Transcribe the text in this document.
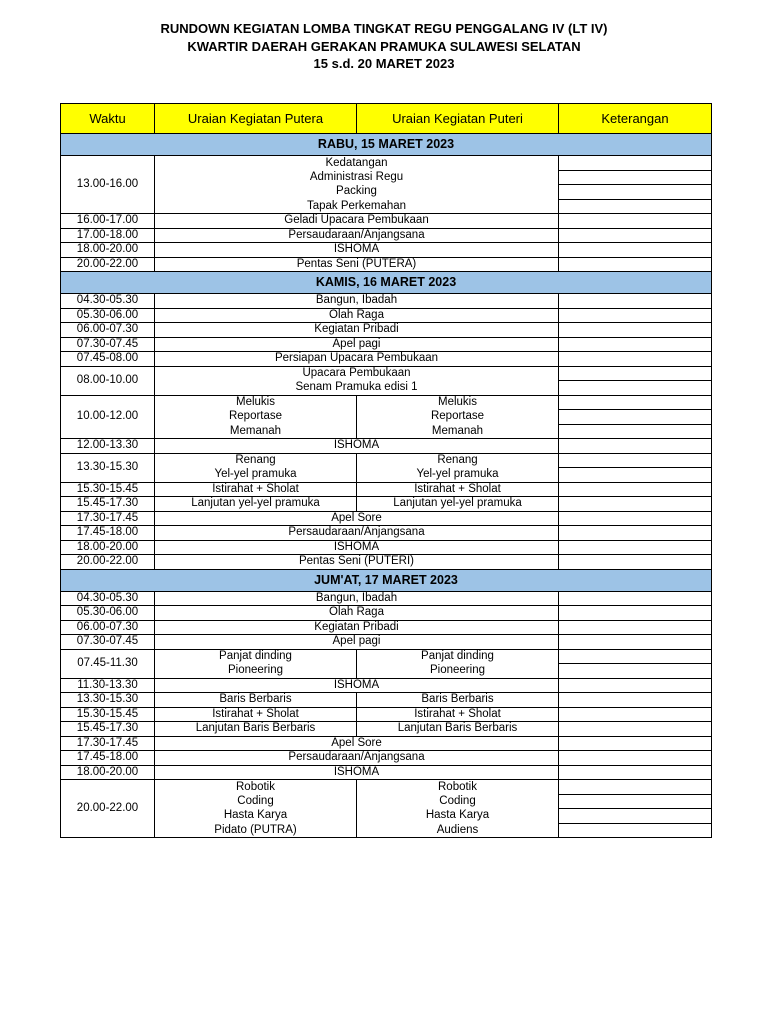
RUNDOWN KEGIATAN LOMBA TINGKAT REGU PENGGALANG IV (LT IV)
KWARTIR DAERAH GERAKAN PRAMUKA SULAWESI SELATAN
15 s.d. 20 MARET 2023
Waktu	Uraian Kegiatan Putera	Uraian Kegiatan Puteri	Keterangan
RABU, 15 MARET 2023			
13.00-16.00	Kedatangan		
	Administrasi Regu		
	Packing		
	Tapak Perkemahan		
16.00-17.00	Geladi Upacara Pembukaan		
17.00-18.00	Persaudaraan/Anjangsana		
18.00-20.00	ISHOMA		
20.00-22.00	Pentas Seni (PUTERA)		
KAMIS, 16 MARET 2023			
04.30-05.30	Bangun, Ibadah		
05.30-06.00	Olah Raga		
06.00-07.30	Kegiatan Pribadi		
07.30-07.45	Apel pagi		
07.45-08.00	Persiapan Upacara Pembukaan		
08.00-10.00	Upacara Pembukaan		
	Senam Pramuka edisi 1		
10.00-12.00	Melukis	Melukis	
	Reportase	Reportase	
	Memanah	Memanah	
12.00-13.30	ISHOMA		
13.30-15.30	Renang	Renang	
	Yel-yel pramuka	Yel-yel pramuka	
15.30-15.45	Istirahat + Sholat	Istirahat + Sholat	
15.45-17.30	Lanjutan yel-yel pramuka	Lanjutan yel-yel pramuka	
17.30-17.45	Apel Sore		
17.45-18.00	Persaudaraan/Anjangsana		
18.00-20.00	ISHOMA		
20.00-22.00	Pentas Seni (PUTERI)		
JUM'AT, 17 MARET 2023			
04.30-05.30	Bangun, Ibadah		
05.30-06.00	Olah Raga		
06.00-07.30	Kegiatan Pribadi		
07.30-07.45	Apel pagi		
07.45-11.30	Panjat dinding	Panjat dinding	
	Pioneering	Pioneering	
11.30-13.30	ISHOMA		
13.30-15.30	Baris Berbaris	Baris Berbaris	
15.30-15.45	Istirahat + Sholat	Istirahat + Sholat	
15.45-17.30	Lanjutan Baris Berbaris	Lanjutan Baris Berbaris	
17.30-17.45	Apel Sore		
17.45-18.00	Persaudaraan/Anjangsana		
18.00-20.00	ISHOMA		
20.00-22.00	Robotik	Robotik	
	Coding	Coding	
	Hasta Karya	Hasta Karya	
	Pidato (PUTRA)	Audiens	
